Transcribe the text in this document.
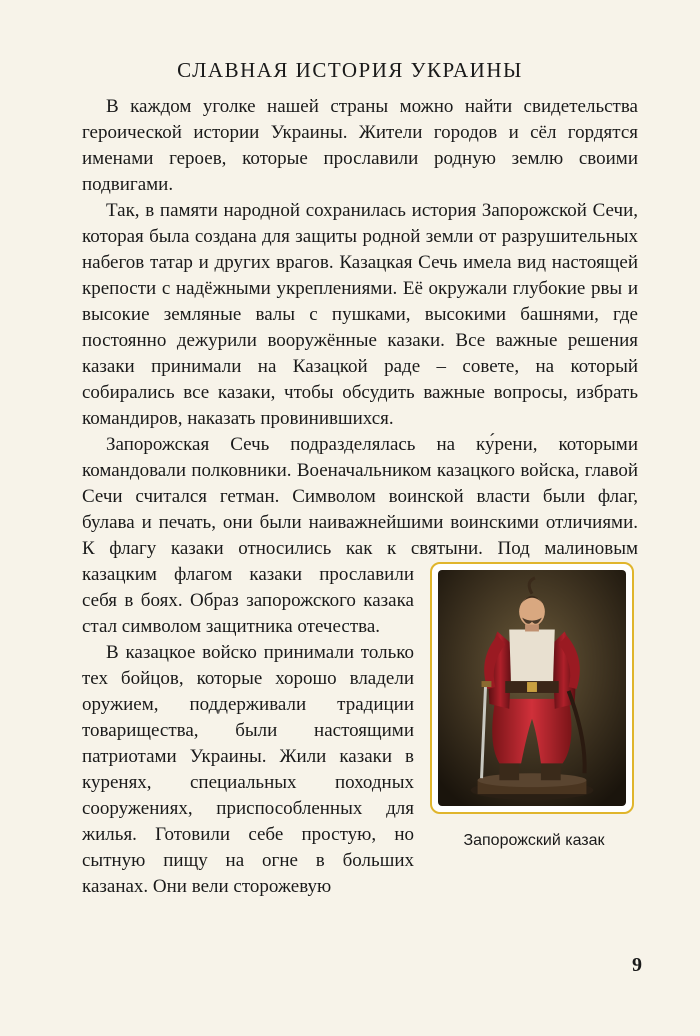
СЛАВНАЯ ИСТОРИЯ УКРАИНЫ

В каждом уголке нашей страны можно найти свидетельства героической истории Украины. Жители городов и сёл гордятся именами героев, которые прославили родную землю своими подвигами.

Так, в памяти народной сохранилась история Запорожской Сечи, которая была создана для защиты родной земли от разрушительных набегов татар и других врагов. Казацкая Сечь имела вид настоящей крепости с надёжными укреплениями. Её окружали глубокие рвы и высокие земляные валы с пушками, высокими башнями, где постоянно дежурили вооружённые казаки. Все важные решения казаки принимали на Казацкой раде – совете, на который собирались все казаки, чтобы обсудить важные вопросы, избрать командиров, наказать провинившихся.

Запорожская Сечь подразделялась на ку́рени, которыми командовали полковники. Военачальником казацкого войска, главой Сечи считался гетман. Символом воинской власти были флаг, булава и печать, они были наиважнейшими воинскими отличиями. К флагу казаки относились как к святыни. Под малиновым казацким флагом казаки
Запорожский казак
прославили себя в боях. Образ запорожского казака стал символом защитника отечества.

В казацкое войско принимали только тех бойцов, которые хорошо владели оружием, поддерживали традиции товарищества, были настоящими патриотами Украины. Жили казаки в куренях, специальных походных сооружениях, приспособленных для жилья. Готовили себе простую, но сытную пищу на огне в больших казанах. Они вели сторожевую

9
